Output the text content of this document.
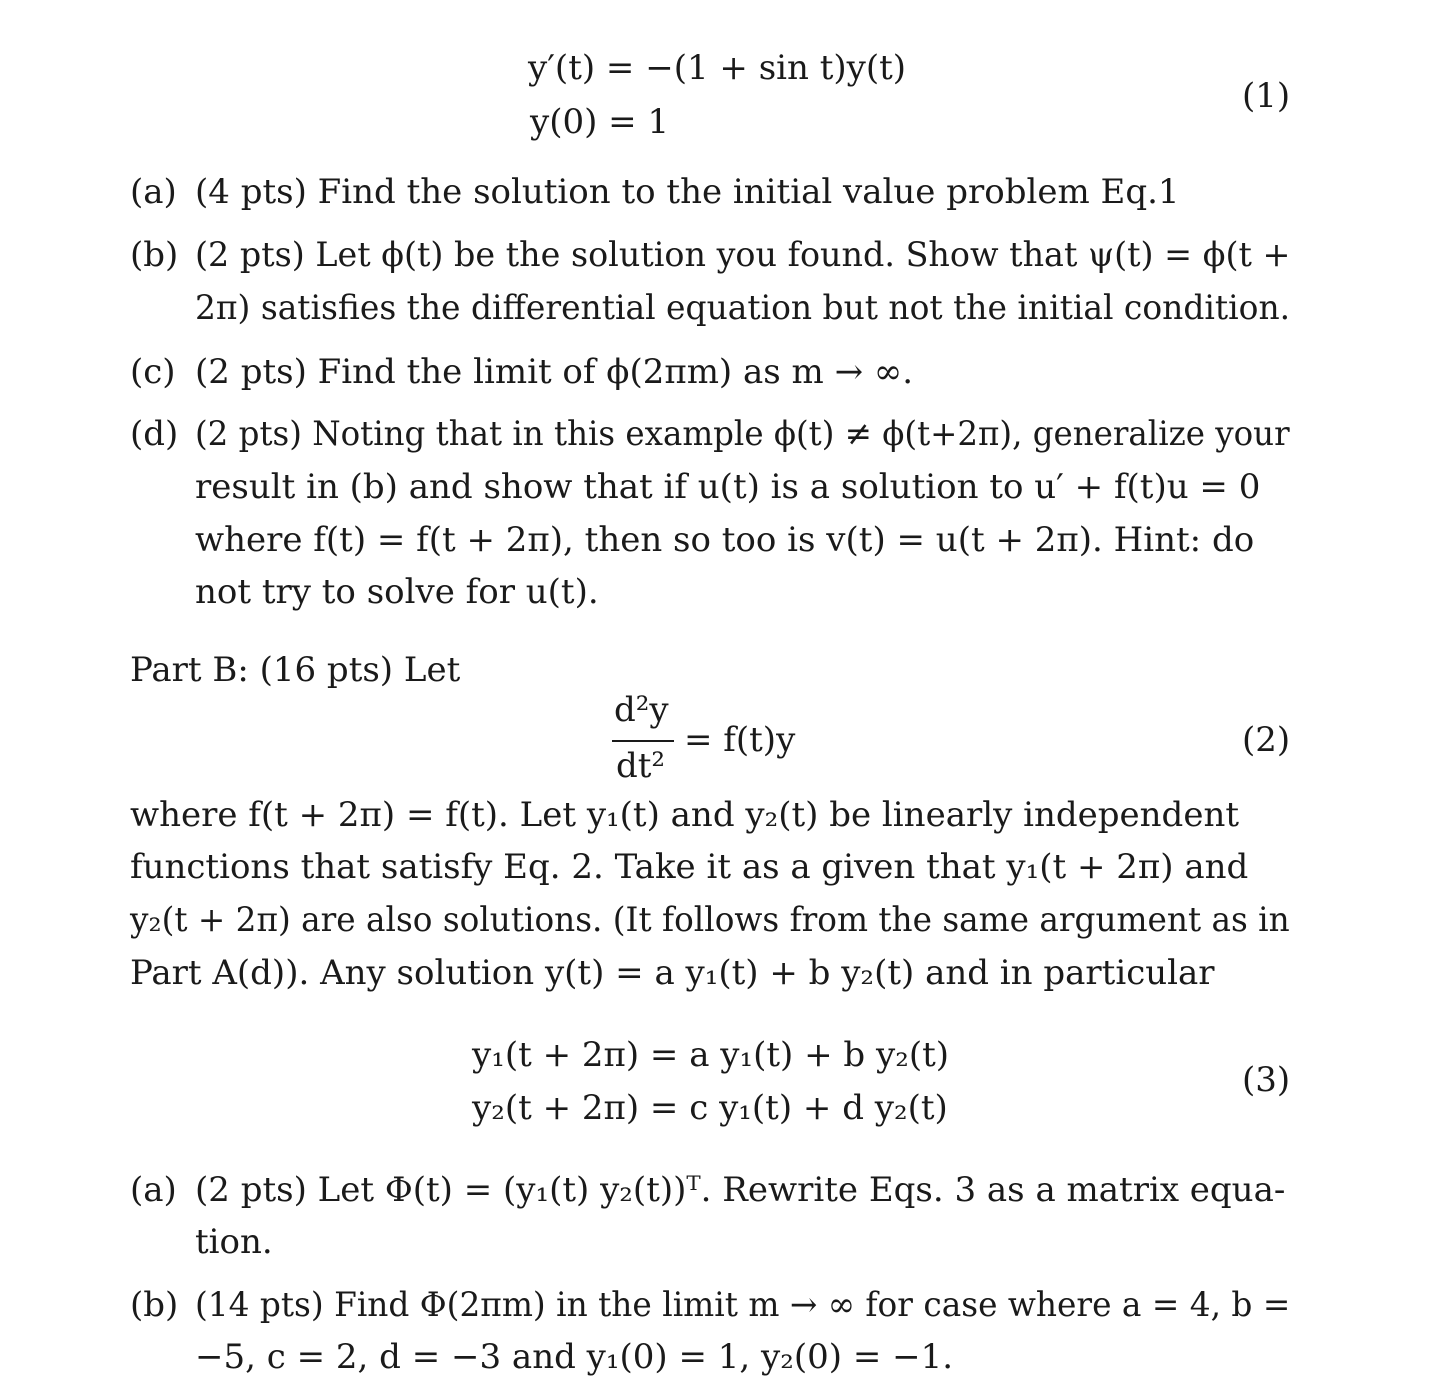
y′(t) = −(1 + sin t)y(t)
y(0) = 1
(1)
(a) (4 pts) Find the solution to the initial value problem Eq.1
(b) (2 pts) Let ϕ(t) be the solution you found. Show that ψ(t) = ϕ(t +
2π) satisfies the differential equation but not the initial condition.
(c) (2 pts) Find the limit of ϕ(2πm) as m → ∞.
(d) (2 pts) Noting that in this example ϕ(t) ≠ ϕ(t+2π), generalize your
result in (b) and show that if u(t) is a solution to u′ + f(t)u = 0
where f(t) = f(t + 2π), then so too is v(t) = u(t + 2π). Hint: do
not try to solve for u(t).
Part B: (16 pts) Let
d²y
dt²
= f(t)y	(2)
where f(t + 2π) = f(t). Let y₁(t) and y₂(t) be linearly independent
functions that satisfy Eq. 2. Take it as a given that y₁(t + 2π) and
y₂(t + 2π) are also solutions. (It follows from the same argument as in
Part A(d)). Any solution y(t) = a y₁(t) + b y₂(t) and in particular
y₁(t + 2π) = a y₁(t) + b y₂(t)
y₂(t + 2π) = c y₁(t) + d y₂(t)
(3)
(a) (2 pts) Let Φ(t) = (y₁(t) y₂(t))ᵀ. Rewrite Eqs. 3 as a matrix equa-
tion.
(b) (14 pts) Find Φ(2πm) in the limit m → ∞ for case where a = 4, b =
−5, c = 2, d = −3 and y₁(0) = 1, y₂(0) = −1.
